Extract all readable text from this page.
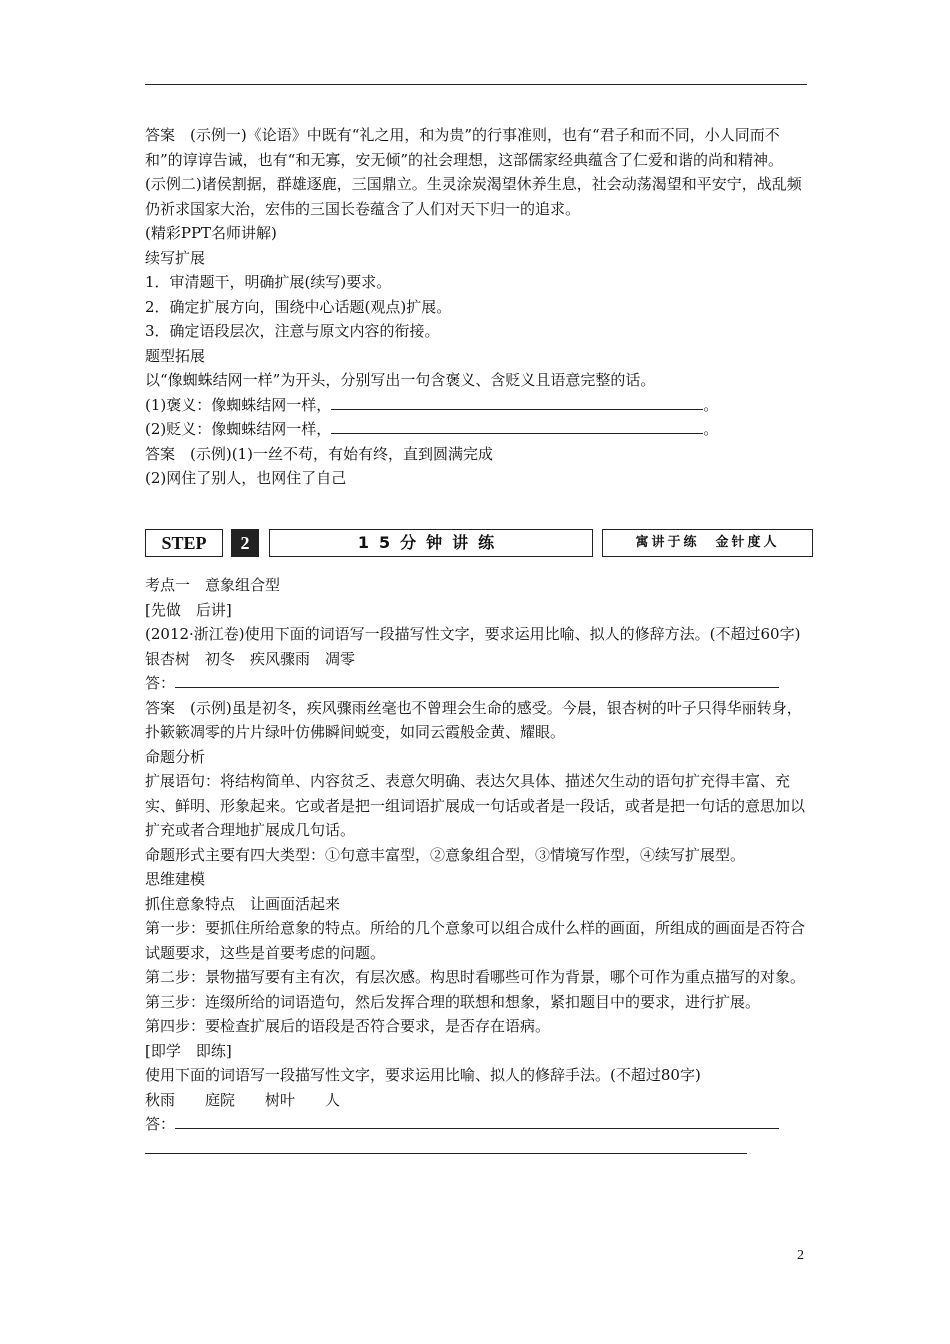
答案　(示例一)《论语》中既有“礼之用，和为贵”的行事准则，也有“君子和而不同，小人同而不和”的谆谆告诫，也有“和无寡，安无倾”的社会理想，这部儒家经典蕴含了仁爱和谐的尚和精神。
(示例二)诸侯割据，群雄逐鹿，三国鼎立。生灵涂炭渴望休养生息，社会动荡渴望和平安宁，战乱频仍祈求国家大治，宏伟的三国长卷蕴含了人们对天下归一的追求。
(精彩PPT名师讲解)
续写扩展
1．审清题干，明确扩展(续写)要求。
2．确定扩展方向，围绕中心话题(观点)扩展。
3．确定语段层次，注意与原文内容的衔接。
题型拓展
以“像蜘蛛结网一样”为开头，分别写出一句含褒义、含贬义且语意完整的话。
(1)褒义：像蜘蛛结网一样，	。
(2)贬义：像蜘蛛结网一样，	。
答案　(示例)(1)一丝不苟，有始有终，直到圆满完成
(2)网住了别人，也网住了自己
STEP	2	15分钟讲练	寓讲于练　金针度人
考点一　意象组合型
[先做　后讲]
(2012·浙江卷)使用下面的词语写一段描写性文字，要求运用比喻、拟人的修辞方法。(不超过60字)
银杏树　初冬　疾风骤雨　凋零
答：
答案　(示例)虽是初冬，疾风骤雨丝毫也不曾理会生命的感受。今晨，银杏树的叶子只得华丽转身，扑簌簌凋零的片片绿叶仿佛瞬间蜕变，如同云霞般金黄、耀眼。
命题分析
扩展语句：将结构简单、内容贫乏、表意欠明确、表达欠具体、描述欠生动的语句扩充得丰富、充实、鲜明、形象起来。它或者是把一组词语扩展成一句话或者是一段话，或者是把一句话的意思加以扩充或者合理地扩展成几句话。
命题形式主要有四大类型：①句意丰富型，②意象组合型，③情境写作型，④续写扩展型。
思维建模
抓住意象特点　让画面活起来
第一步：要抓住所给意象的特点。所给的几个意象可以组合成什么样的画面，所组成的画面是否符合试题要求，这些是首要考虑的问题。
第二步：景物描写要有主有次，有层次感。构思时看哪些可作为背景，哪个可作为重点描写的对象。
第三步：连缀所给的词语造句，然后发挥合理的联想和想象，紧扣题目中的要求，进行扩展。
第四步：要检查扩展后的语段是否符合要求，是否存在语病。
[即学　即练]
使用下面的词语写一段描写性文字，要求运用比喻、拟人的修辞手法。(不超过80字)
秋雨　　庭院　　树叶　　人
答：
2
